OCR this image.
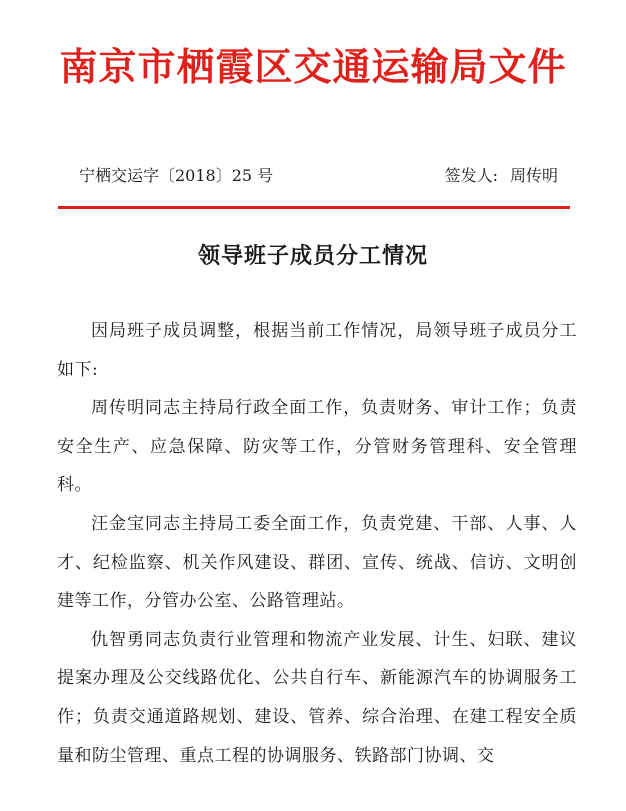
南京市栖霞区交通运输局文件
宁栖交运字〔2018〕25 号	签发人: 周传明
领导班子成员分工情况

因局班子成员调整，根据当前工作情况，局领导班子成员分工如下:

周传明同志主持局行政全面工作，负责财务、审计工作；负责安全生产、应急保障、防灾等工作，分管财务管理科、安全管理科。

汪金宝同志主持局工委全面工作，负责党建、干部、人事、人才、纪检监察、机关作风建设、群团、宣传、统战、信访、文明创建等工作，分管办公室、公路管理站。

仇智勇同志负责行业管理和物流产业发展、计生、妇联、建议提案办理及公交线路优化、公共自行车、新能源汽车的协调服务工作；负责交通道路规划、建设、管养、综合治理、在建工程安全质量和防尘管理、重点工程的协调服务、铁路部门协调、交
